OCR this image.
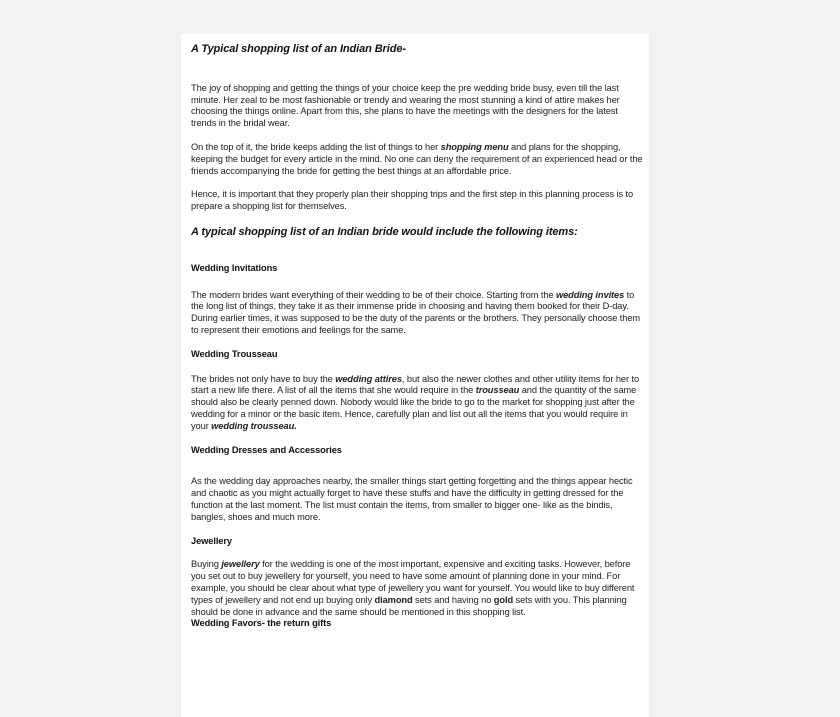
A Typical shopping list of an Indian Bride-

The joy of shopping and getting the things of your choice keep the pre wedding bride busy, even till the last minute. Her zeal to be most fashionable or trendy and wearing the most stunning a kind of attire makes her choosing the things online. Apart from this, she plans to have the meetings with the designers for the latest trends in the bridal wear.

On the top of it, the bride keeps adding the list of things to her shopping menu and plans for the shopping, keeping the budget for every article in the mind. No one can deny the requirement of an experienced head or the friends accompanying the bride for getting the best things at an affordable price.

Hence, it is important that they properly plan their shopping trips and the first step in this planning process is to prepare a shopping list for themselves.

A typical shopping list of an Indian bride would include the following items:
Wedding Invitations

The modern brides want everything of their wedding to be of their choice. Starting from the wedding invites to the long list of things, they take it as their immense pride in choosing and having them booked for their D-day. During earlier times, it was supposed to be the duty of the parents or the brothers. They personally choose them to represent their emotions and feelings for the same.

Wedding Trousseau

The brides not only have to buy the wedding attires, but also the newer clothes and other utility items for her to start a new life there. A list of all the items that she would require in the trousseau and the quantity of the same should also be clearly penned down. Nobody would like the bride to go to the market for shopping just after the wedding for a minor or the basic item. Hence, carefully plan and list out all the items that you would require in your wedding trousseau.

Wedding Dresses and Accessories

As the wedding day approaches nearby, the smaller things start getting forgetting and the things appear hectic and chaotic as you might actually forget to have these stuffs and have the difficulty in getting dressed for the function at the last moment. The list must contain the items, from smaller to bigger one- like as the bindis, bangles, shoes and much more.

Jewellery

Buying jewellery for the wedding is one of the most important, expensive and exciting tasks. However, before you set out to buy jewellery for yourself, you need to have some amount of planning done in your mind. For example, you should be clear about what type of jewellery you want for yourself. You would like to buy different types of jewellery and not end up buying only diamond sets and having no gold sets with you. This planning should be done in advance and the same should be mentioned in this shopping list.

Wedding Favors- the return gifts
